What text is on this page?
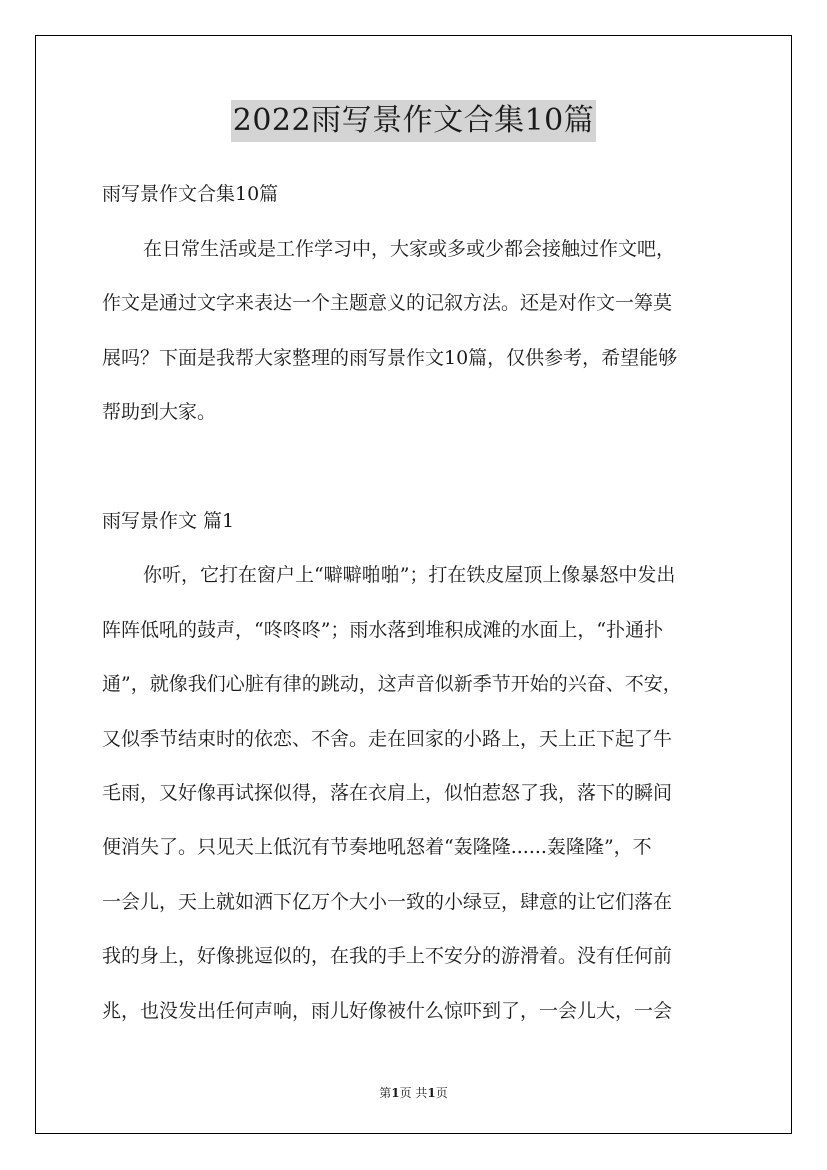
2022雨写景作文合集10篇

雨写景作文合集10篇

在日常生活或是工作学习中，大家或多或少都会接触过作文吧，

作文是通过文字来表达一个主题意义的记叙方法。还是对作文一筹莫

展吗？下面是我帮大家整理的雨写景作文10篇，仅供参考，希望能够

帮助到大家。

雨写景作文 篇1

你听，它打在窗户上“噼噼啪啪”；打在铁皮屋顶上像暴怒中发出

阵阵低吼的鼓声，“咚咚咚”；雨水落到堆积成滩的水面上，“扑通扑

通”，就像我们心脏有律的跳动，这声音似新季节开始的兴奋、不安，

又似季节结束时的依恋、不舍。走在回家的小路上，天上正下起了牛

毛雨，又好像再试探似得，落在衣肩上，似怕惹怒了我，落下的瞬间

便消失了。只见天上低沉有节奏地吼怒着“轰隆隆......轰隆隆”，不

一会儿，天上就如洒下亿万个大小一致的小绿豆，肆意的让它们落在

我的身上，好像挑逗似的，在我的手上不安分的游滑着。没有任何前

兆，也没发出任何声响，雨儿好像被什么惊吓到了，一会儿大，一会

第1页 共1页
